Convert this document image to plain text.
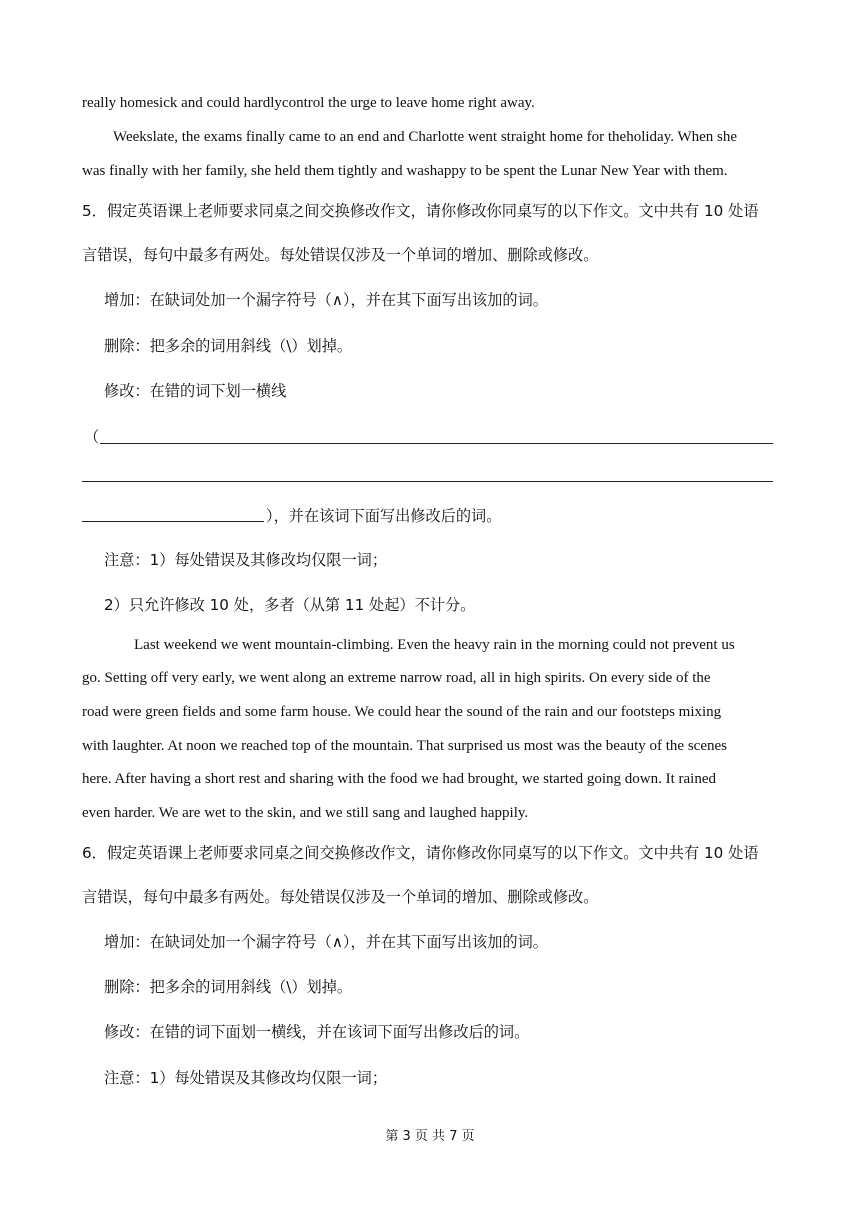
really homesick and could hardlycontrol the urge to leave home right away.
Weekslate, the exams finally came to an end and Charlotte went straight home for theholiday. When she
was finally with her family, she held them tightly and washappy to be spent the Lunar New Year with them.
5．假定英语课上老师要求同桌之间交换修改作文，请你修改你同桌写的以下作文。文中共有 10 处语
言错误，每句中最多有两处。每处错误仅涉及一个单词的增加、删除或修改。
增加：在缺词处加一个漏字符号（∧），并在其下面写出该加的词。
删除：把多余的词用斜线（\）划掉。
修改：在错的词下划一横线
（
），并在该词下面写出修改后的词。
注意：1）每处错误及其修改均仅限一词；
2）只允许修改 10 处，多者（从第 11 处起）不计分。
Last weekend we went mountain-climbing. Even the heavy rain in the morning could not prevent us
go. Setting off very early, we went along an extreme narrow road, all in high spirits. On every side of the
road were green fields and some farm house. We could hear the sound of the rain and our footsteps mixing
with laughter. At noon we reached top of the mountain. That surprised us most was the beauty of the scenes
here. After having a short rest and sharing with the food we had brought, we started going down. It rained
even harder. We are wet to the skin, and we still sang and laughed happily.
6．假定英语课上老师要求同桌之间交换修改作文，请你修改你同桌写的以下作文。文中共有 10 处语
言错误，每句中最多有两处。每处错误仅涉及一个单词的增加、删除或修改。
增加：在缺词处加一个漏字符号（∧），并在其下面写出该加的词。
删除：把多余的词用斜线（\）划掉。
修改：在错的词下面划一横线，并在该词下面写出修改后的词。
注意：1）每处错误及其修改均仅限一词；
第 3 页 共 7 页
